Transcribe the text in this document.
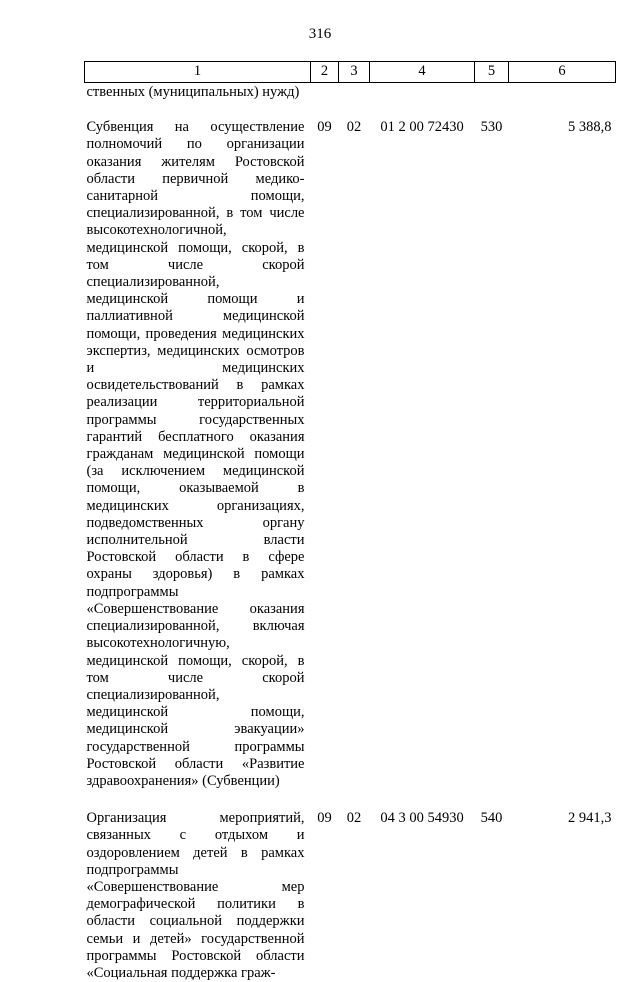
316
1	2	3	4	5	6
ственных (муниципальных) нужд)					
Субвенция на осуществление полномочий по организации оказания жителям Ростовской области первичной медико-санитарной помощи, специализированной, в том числе высокотехнологичной, медицинской помощи, скорой, в том числе скорой специализированной, медицинской помощи и паллиативной медицинской помощи, проведения медицинских экспертиз, медицинских осмотров и медицинских освидетельствований в рамках реализации территориальной программы государственных гарантий бесплатного оказания гражданам медицинской помощи (за исключением медицинской помощи, оказываемой в медицинских организациях, подведомственных органу исполнительной власти Ростовской области в сфере охраны здоровья) в рамках подпрограммы «Совершенствование оказания специализированной, включая высокотехнологичную, медицинской помощи, скорой, в том числе скорой специализированной, медицинской помощи, медицинской эвакуации» государственной программы Ростовской области «Развитие здравоохранения» (Субвенции)	09	02	01 2 00 72430	530	5 388,8
Организация мероприятий, связанных с отдыхом и оздоровлением детей в рамках подпрограммы «Совершенствование мер демографической политики в области социальной поддержки семьи и детей» государственной программы Ростовской области «Социальная поддержка граж-	09	02	04 3 00 54930	540	2 941,3
